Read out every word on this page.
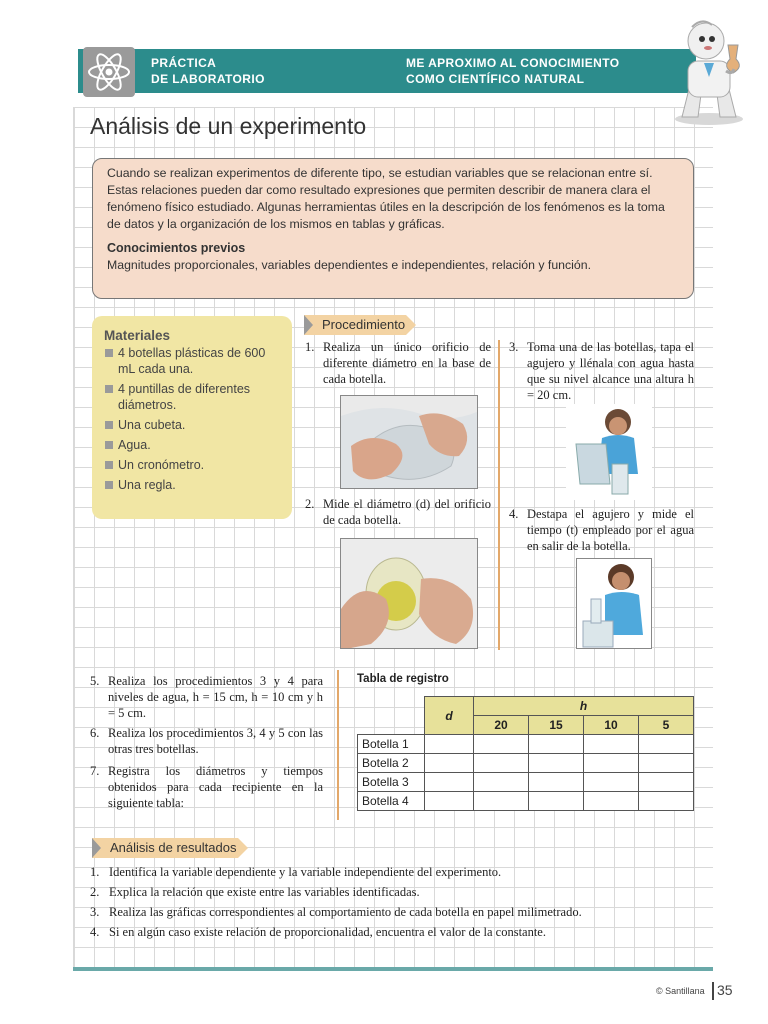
PRÁCTICA
DE LABORATORIO
ME APROXIMO AL CONOCIMIENTO
COMO CIENTÍFICO NATURAL
Análisis de un experimento
Cuando se realizan experimentos de diferente tipo, se estudian variables que se relacionan entre sí. Estas relaciones pueden dar como resultado expresiones que permiten describir de manera clara el fenómeno físico estudiado. Algunas herramientas útiles en la descripción de los fenómenos es la toma de datos y la organización de los mismos en tablas y gráficas.
Conocimientos previos
Magnitudes proporcionales, variables dependientes e independientes, relación y función.
Materiales
4 botellas plásticas de 600 mL cada una.
4 puntillas de diferentes diámetros.
Una cubeta.
Agua.
Un cronómetro.
Una regla.
Procedimiento
1. Realiza un único orificio de diferente diámetro en la base de cada botella.
2. Mide el diámetro (d) del orificio de cada botella.
3. Toma una de las botellas, tapa el agujero y llénala con agua hasta que su nivel alcance una altura h = 20 cm.
4. Destapa el agujero y mide el tiempo (t) empleado por el agua en salir de la botella.
5. Realiza los procedimientos 3 y 4 para niveles de agua, h = 15 cm, h = 10 cm y h = 5 cm.
6. Realiza los procedimientos 3, 4 y 5 con las otras tres botellas.
7. Registra los diámetros y tiempos obtenidos para cada recipiente en la siguiente tabla:
Tabla de registro
	d	h			
		20	15	10	5
Botella 1					
Botella 2					
Botella 3					
Botella 4					
Análisis de resultados
1. Identifica la variable dependiente y la variable independiente del experimento.
2. Explica la relación que existe entre las variables identificadas.
3. Realiza las gráficas correspondientes al comportamiento de cada botella en papel milimetrado.
4. Si en algún caso existe relación de proporcionalidad, encuentra el valor de la constante.
© Santillana 35
